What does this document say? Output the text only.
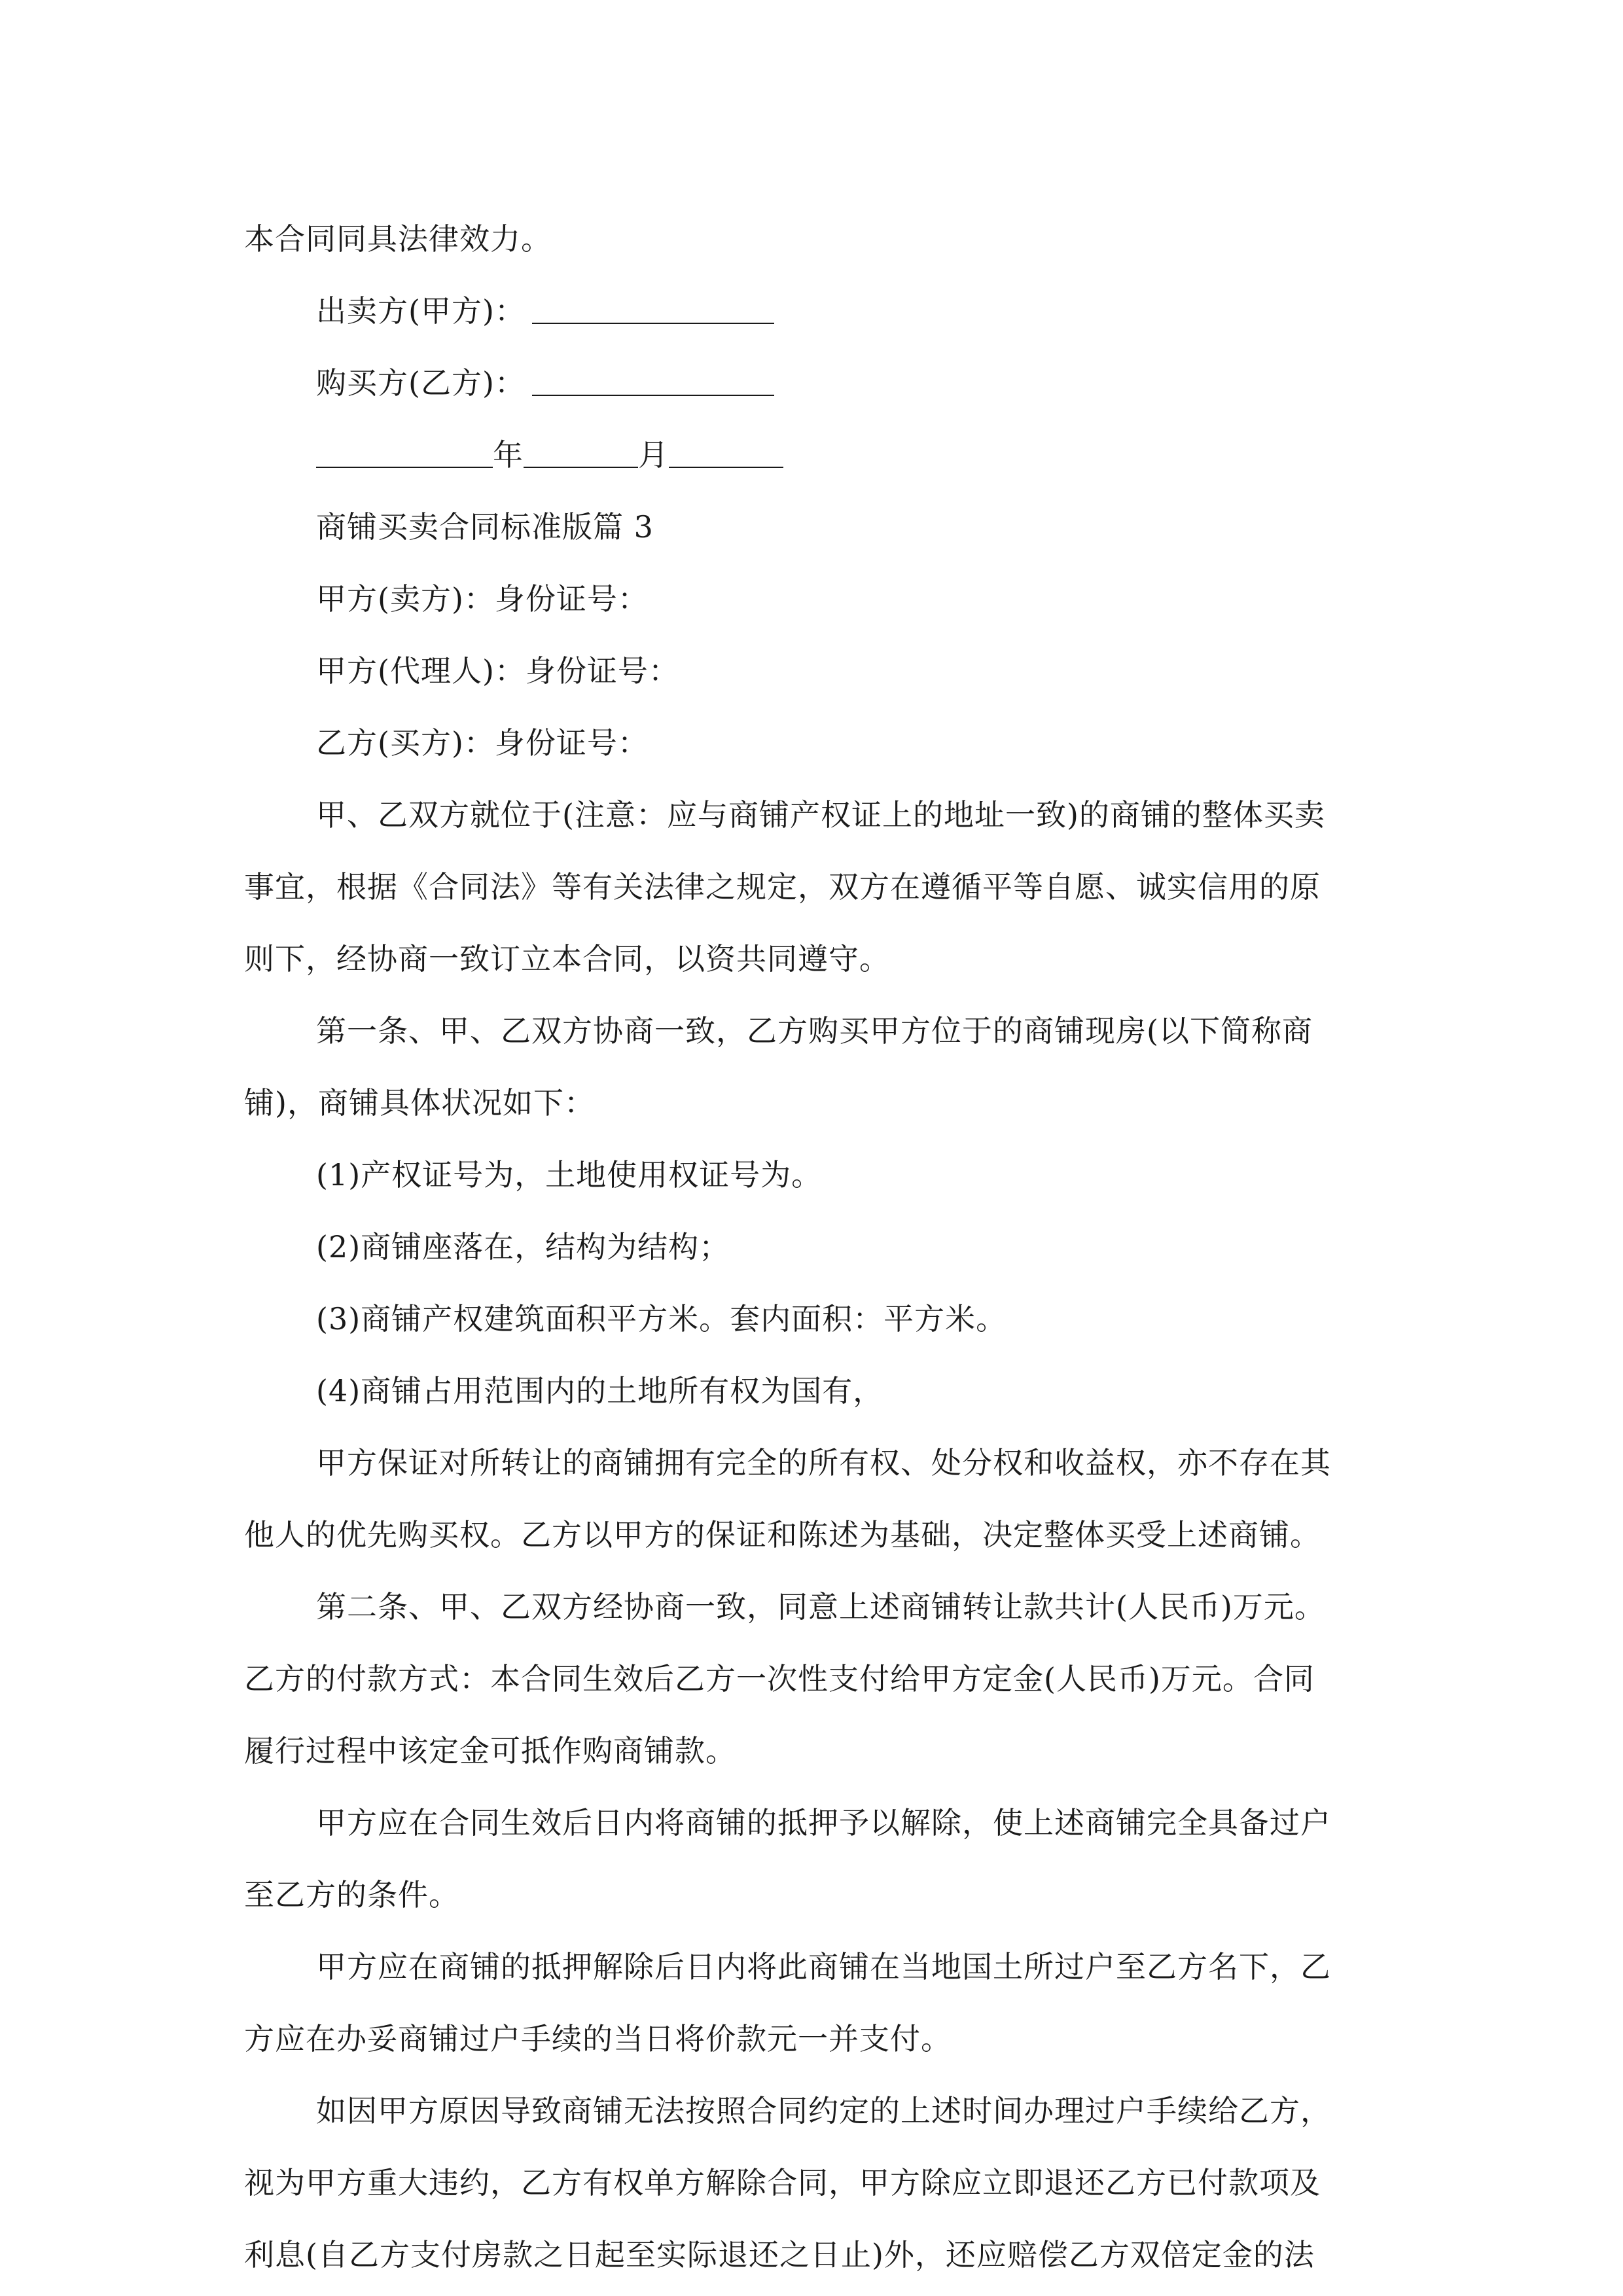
本合同同具法律效力。
出卖方(甲方)：
购买方(乙方)：
年	月
商铺买卖合同标准版篇 3
甲方(卖方)：身份证号：
甲方(代理人)：身份证号：
乙方(买方)：身份证号：
甲、乙双方就位于(注意：应与商铺产权证上的地址一致)的商铺的整体买卖
事宜，根据《合同法》等有关法律之规定，双方在遵循平等自愿、诚实信用的原
则下，经协商一致订立本合同，以资共同遵守。
第一条、甲、乙双方协商一致，乙方购买甲方位于的商铺现房(以下简称商
铺)，商铺具体状况如下：
(1)产权证号为，土地使用权证号为。
(2)商铺座落在，结构为结构；
(3)商铺产权建筑面积平方米。套内面积：平方米。
(4)商铺占用范围内的土地所有权为国有，
甲方保证对所转让的商铺拥有完全的所有权、处分权和收益权，亦不存在其
他人的优先购买权。乙方以甲方的保证和陈述为基础，决定整体买受上述商铺。
第二条、甲、乙双方经协商一致，同意上述商铺转让款共计(人民币)万元。
乙方的付款方式：本合同生效后乙方一次性支付给甲方定金(人民币)万元。合同
履行过程中该定金可抵作购商铺款。
甲方应在合同生效后日内将商铺的抵押予以解除，使上述商铺完全具备过户
至乙方的条件。
甲方应在商铺的抵押解除后日内将此商铺在当地国土所过户至乙方名下，乙
方应在办妥商铺过户手续的当日将价款元一并支付。
如因甲方原因导致商铺无法按照合同约定的上述时间办理过户手续给乙方，
视为甲方重大违约，乙方有权单方解除合同，甲方除应立即退还乙方已付款项及
利息(自乙方支付房款之日起至实际退还之日止)外，还应赔偿乙方双倍定金的法
